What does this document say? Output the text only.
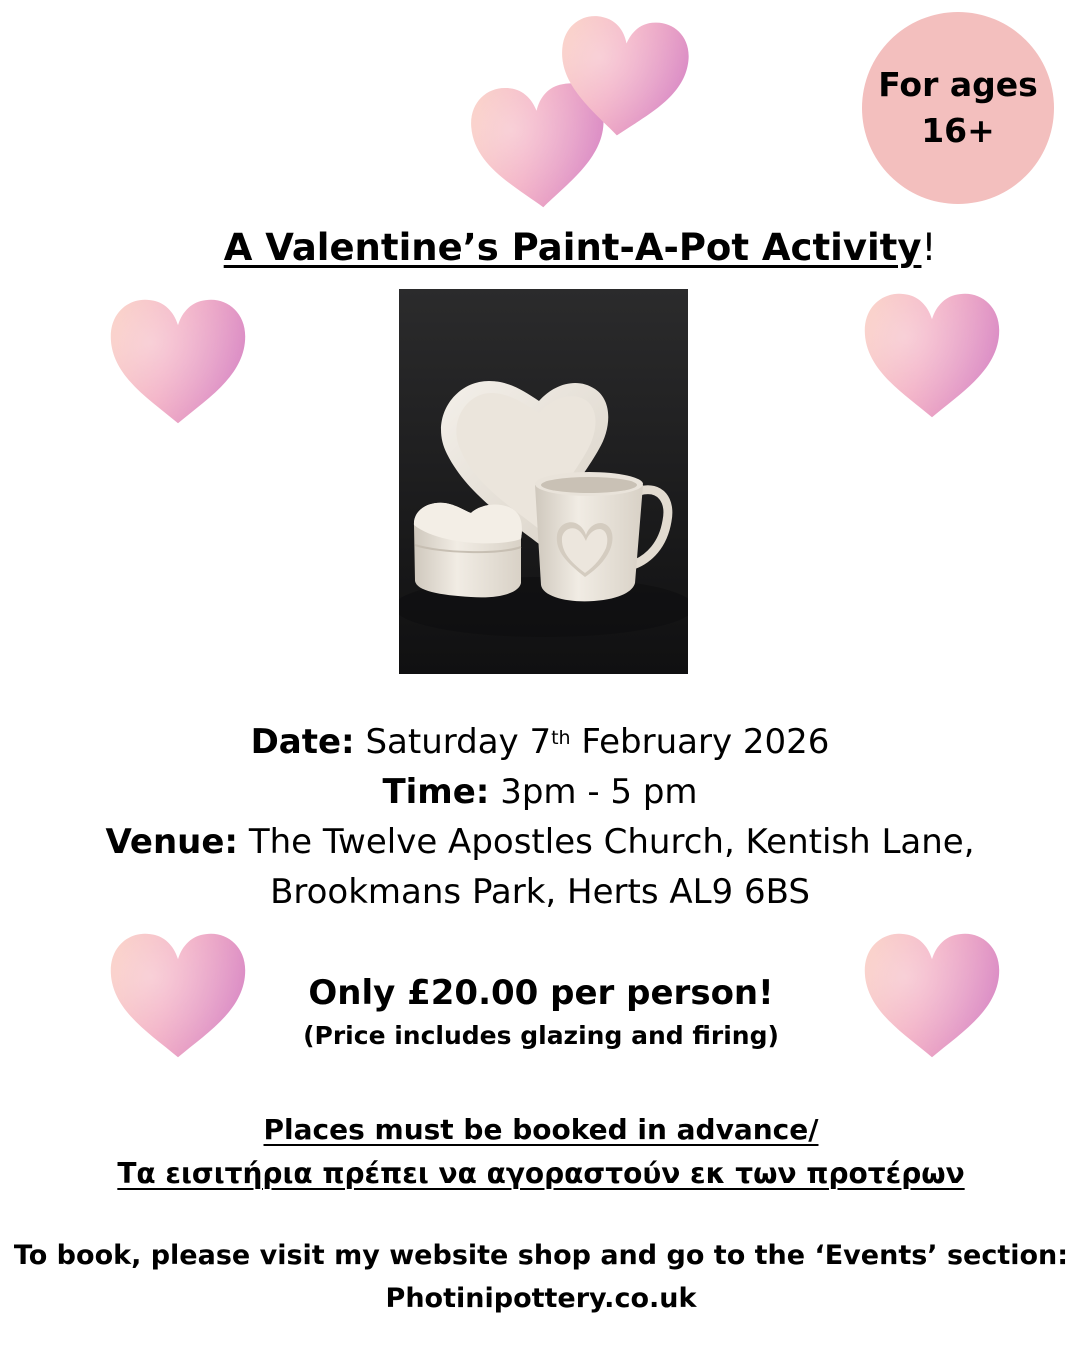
For ages
16+
A Valentine’s Paint-A-Pot Activity!
Date: Saturday 7th February 2026
Time: 3pm - 5 pm
Venue: The Twelve Apostles Church, Kentish Lane,
Brookmans Park, Herts AL9 6BS
Only £20.00 per person!
(Price includes glazing and firing)
Places must be booked in advance/
Τα εισιτήρια πρέπει να αγοραστούν εκ των προτέρων
To book, please visit my website shop and go to the ‘Events’ section:
Photinipottery.co.uk
